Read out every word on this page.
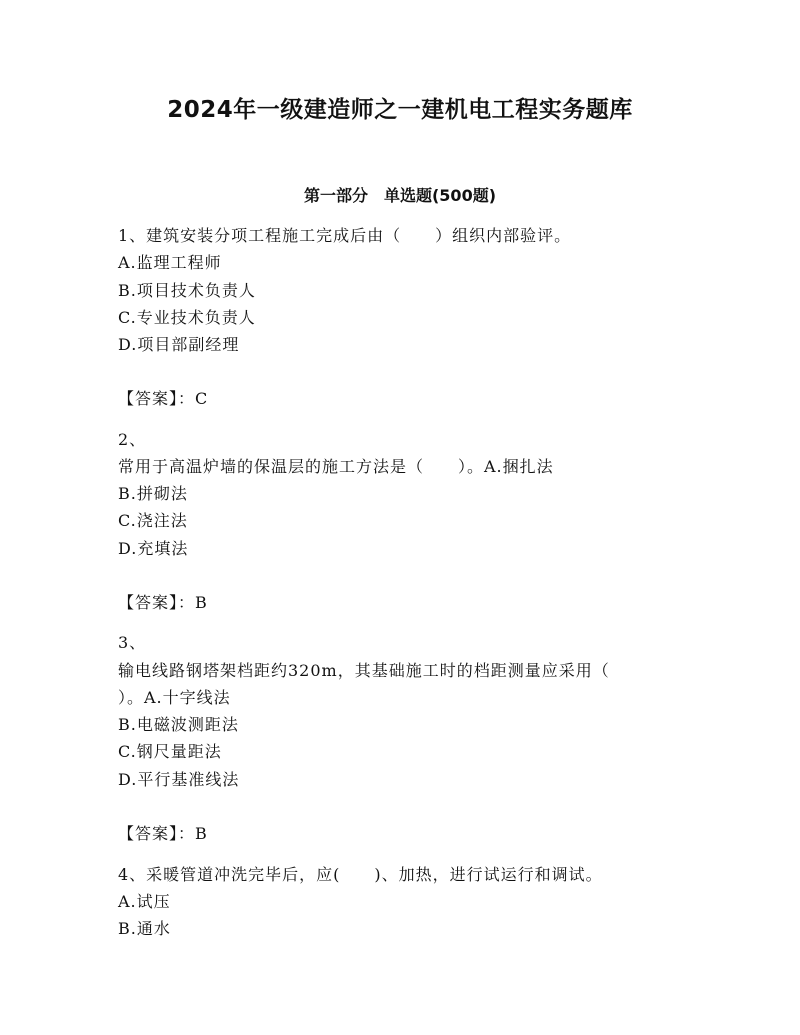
2024年一级建造师之一建机电工程实务题库
第一部分　单选题(500题)
1、建筑安装分项工程施工完成后由（　　）组织内部验评。
A.监理工程师
B.项目技术负责人
C.专业技术负责人
D.项目部副经理
【答案】：C
2、
常用于高温炉墙的保温层的施工方法是（　　）。A.捆扎法
B.拼砌法
C.浇注法
D.充填法
【答案】：B
3、
输电线路钢塔架档距约320m，其基础施工时的档距测量应采用（
）。A.十字线法
B.电磁波测距法
C.钢尺量距法
D.平行基准线法
【答案】：B
4、采暖管道冲洗完毕后，应(　　)、加热，进行试运行和调试。
A.试压
B.通水
